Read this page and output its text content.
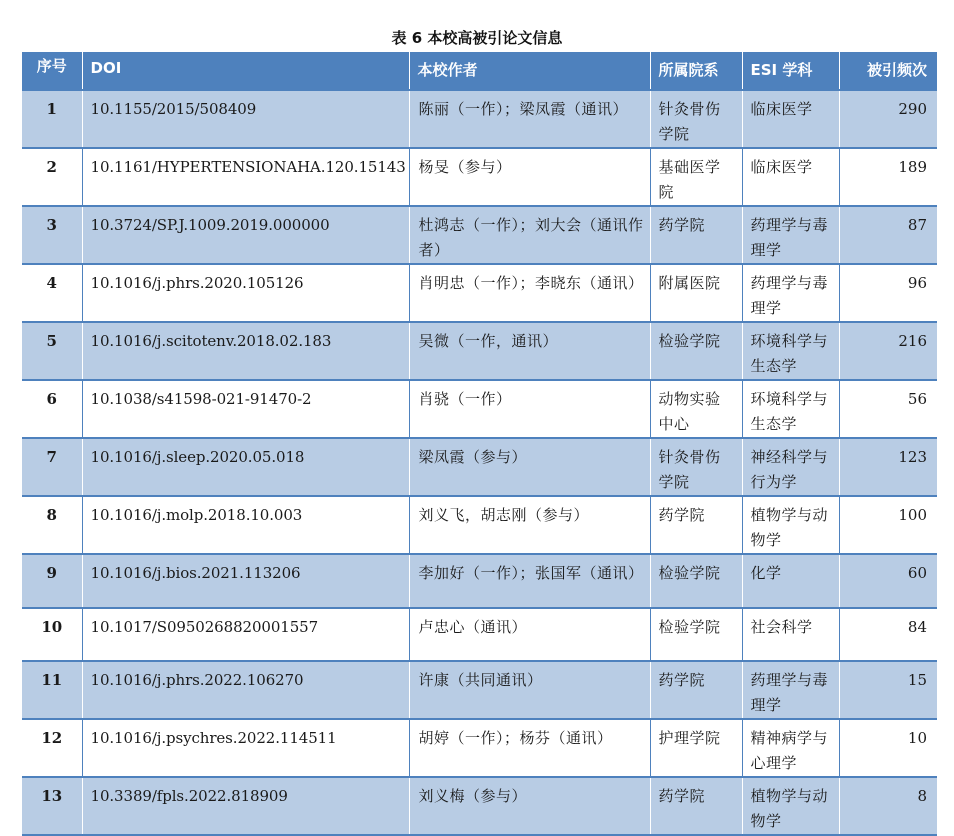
表 6 本校高被引论文信息
序号	DOI	本校作者	所属院系	ESI 学科	被引频次
1	10.1155/2015/508409	陈丽（一作）；梁凤霞（通讯）	针灸骨伤学院	临床医学	290
2	10.1161/HYPERTENSIONAHA.120.15143	杨旻（参与）	基础医学院	临床医学	189
3	10.3724/SP.J.1009.2019.000000	杜鸿志（一作）；刘大会（通讯作者）	药学院	药理学与毒理学	87
4	10.1016/j.phrs.2020.105126	肖明忠（一作）；李晓东（通讯）	附属医院	药理学与毒理学	96
5	10.1016/j.scitotenv.2018.02.183	吴微（一作，通讯）	检验学院	环境科学与生态学	216
6	10.1038/s41598-021-91470-2	肖骁（一作）	动物实验中心	环境科学与生态学	56
7	10.1016/j.sleep.2020.05.018	梁凤霞（参与）	针灸骨伤学院	神经科学与行为学	123
8	10.1016/j.molp.2018.10.003	刘义飞，胡志刚（参与）	药学院	植物学与动物学	100
9	10.1016/j.bios.2021.113206	李加好（一作）；张国军（通讯）	检验学院	化学	60
10	10.1017/S0950268820001557	卢忠心（通讯）	检验学院	社会科学	84
11	10.1016/j.phrs.2022.106270	许康（共同通讯）	药学院	药理学与毒理学	15
12	10.1016/j.psychres.2022.114511	胡婷（一作）；杨芬（通讯）	护理学院	精神病学与心理学	10
13	10.3389/fpls.2022.818909	刘义梅（参与）	药学院	植物学与动物学	8
